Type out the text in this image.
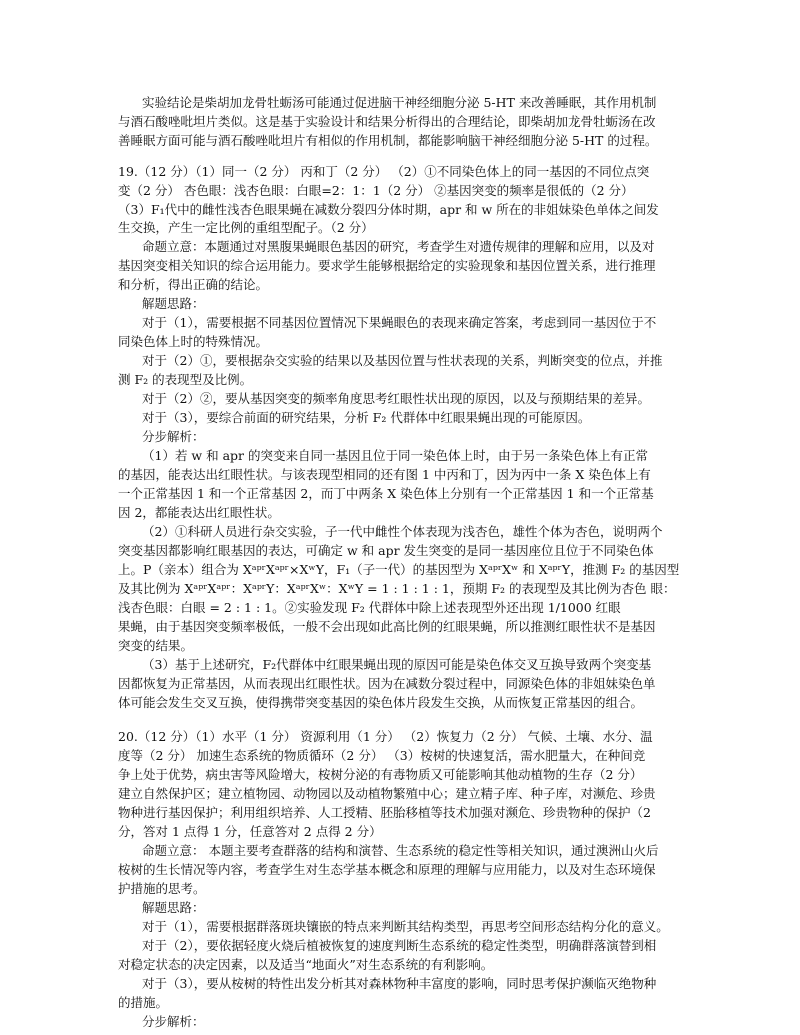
实验结论是柴胡加龙骨牡蛎汤可能通过促进脑干神经细胞分泌 5-HT 来改善睡眠，其作用机制
与酒石酸唑吡坦片类似。这是基于实验设计和结果分析得出的合理结论，即柴胡加龙骨牡蛎汤在改
善睡眠方面可能与酒石酸唑吡坦片有相似的作用机制，都能影响脑干神经细胞分泌 5-HT 的过程。
19.（12 分）（1）同一（2 分） 丙和丁（2 分） （2）①不同染色体上的同一基因的不同位点突
变（2 分） 杏色眼：浅杏色眼：白眼=2：1：1（2 分） ②基因突变的频率是很低的（2 分）
（3）F₁代中的雌性浅杏色眼果蝇在减数分裂四分体时期，apr 和 w 所在的非姐妹染色单体之间发
生交换，产生一定比例的重组型配子。（2 分）
命题立意：本题通过对黑腹果蝇眼色基因的研究，考查学生对遗传规律的理解和应用，以及对
基因突变相关知识的综合运用能力。要求学生能够根据给定的实验现象和基因位置关系，进行推理
和分析，得出正确的结论。
解题思路：
对于（1），需要根据不同基因位置情况下果蝇眼色的表现来确定答案，考虑到同一基因位于不
同染色体上时的特殊情况。
对于（2）①，要根据杂交实验的结果以及基因位置与性状表现的关系，判断突变的位点，并推
测 F₂ 的表现型及比例。
对于（2）②，要从基因突变的频率角度思考红眼性状出现的原因，以及与预期结果的差异。
对于（3），要综合前面的研究结果，分析 F₂ 代群体中红眼果蝇出现的可能原因。
分步解析：
（1）若 w 和 apr 的突变来自同一基因且位于同一染色体上时，由于另一条染色体上有正常
的基因，能表达出红眼性状。与该表现型相同的还有图 1 中丙和丁，因为丙中一条 X 染色体上有
一个正常基因 1 和一个正常基因 2，而丁中两条 X 染色体上分别有一个正常基因 1 和一个正常基
因 2，都能表达出红眼性状。
（2）①科研人员进行杂交实验，子一代中雌性个体表现为浅杏色，雄性个体为杏色，说明两个
突变基因都影响红眼基因的表达，可确定 w 和 apr 发生突变的是同一基因座位且位于不同染色体
上。P（亲本）组合为 XᵃᵖʳXᵃᵖʳ×XʷY，F₁（子一代）的基因型为 XᵃᵖʳXʷ 和 XᵃᵖʳY，推测 F₂ 的基因型
及其比例为 XᵃᵖʳXᵃᵖʳ：XᵃᵖʳY：XᵃᵖʳXʷ：XʷY = 1 : 1 : 1 : 1，预期 F₂ 的表现型及其比例为杏色 眼：
浅杏色眼：白眼 = 2 : 1 : 1。②实验发现 F₂ 代群体中除上述表现型外还出现 1/1000 红眼
果蝇，由于基因突变频率极低，一般不会出现如此高比例的红眼果蝇，所以推测红眼性状不是基因
突变的结果。
（3）基于上述研究，F₂代群体中红眼果蝇出现的原因可能是染色体交叉互换导致两个突变基
因都恢复为正常基因，从而表现出红眼性状。因为在减数分裂过程中，同源染色体的非姐妹染色单
体可能会发生交叉互换，使得携带突变基因的染色体片段发生交换，从而恢复正常基因的组合。
20.（12 分）（1）水平（1 分） 资源利用（1 分） （2）恢复力（2 分） 气候、土壤、水分、温
度等（2 分） 加速生态系统的物质循环（2 分） （3）桉树的快速复活，需水肥量大，在种间竞
争上处于优势，病虫害等风险增大，桉树分泌的有毒物质又可能影响其他动植物的生存（2 分）
建立自然保护区；建立植物园、动物园以及动植物繁殖中心；建立精子库、种子库，对濒危、珍贵
物种进行基因保护；利用组织培养、人工授精、胚胎移植等技术加强对濒危、珍贵物种的保护（2
分，答对 1 点得 1 分，任意答对 2 点得 2 分）
命题立意： 本题主要考查群落的结构和演替、生态系统的稳定性等相关知识，通过澳洲山火后
桉树的生长情况等内容，考查学生对生态学基本概念和原理的理解与应用能力，以及对生态环境保
护措施的思考。
解题思路：
对于（1），需要根据群落斑块镶嵌的特点来判断其结构类型，再思考空间形态结构分化的意义。
对于（2），要依据轻度火烧后植被恢复的速度判断生态系统的稳定性类型，明确群落演替到相
对稳定状态的决定因素，以及适当“地面火”对生态系统的有利影响。
对于（3），要从桉树的特性出发分析其对森林物种丰富度的影响，同时思考保护濒临灭绝物种
的措施。
分步解析：
